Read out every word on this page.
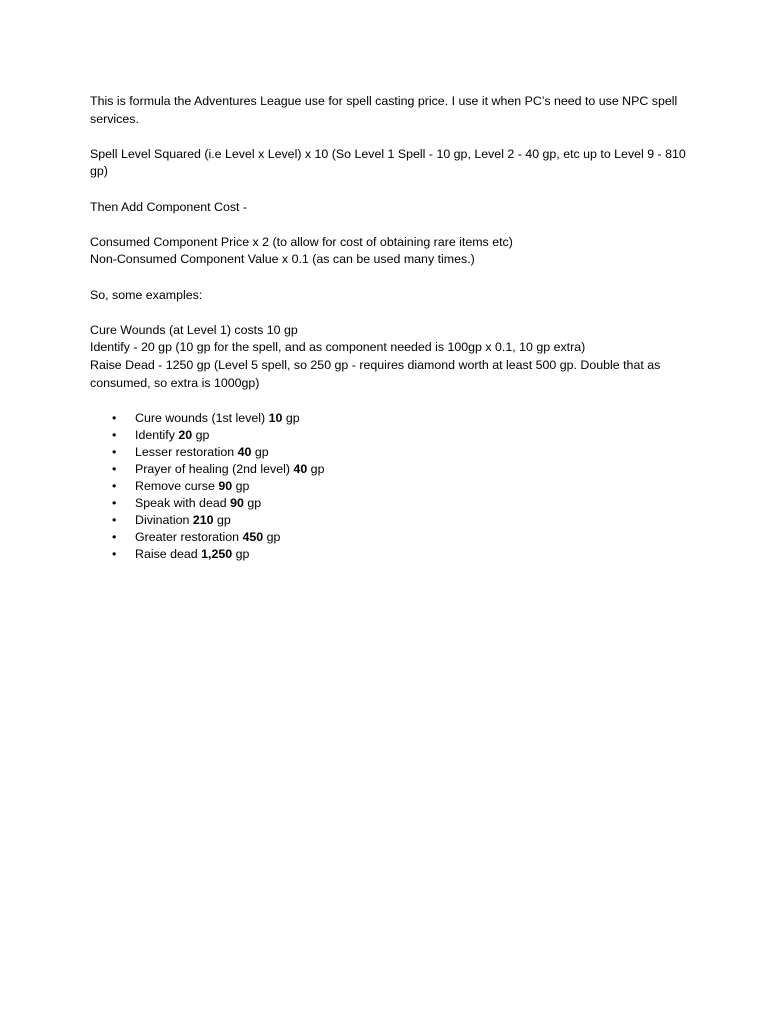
This is formula the Adventures League use for spell casting price. I use it when PC’s need to use NPC spell services.

Spell Level Squared (i.e Level x Level) x 10 (So Level 1 Spell - 10 gp, Level 2 - 40 gp, etc up to Level 9 - 810 gp)

Then Add Component Cost -

Consumed Component Price x 2 (to allow for cost of obtaining rare items etc)

Non-Consumed Component Value x 0.1 (as can be used many times.)

So, some examples:

Cure Wounds (at Level 1) costs 10 gp

Identify - 20 gp (10 gp for the spell, and as component needed is 100gp x 0.1, 10 gp extra)

Raise Dead - 1250 gp (Level 5 spell, so 250 gp - requires diamond worth at least 500 gp. Double that as consumed, so extra is 1000gp)

• Cure wounds (1st level) 10 gp
• Identify 20 gp
• Lesser restoration 40 gp
• Prayer of healing (2nd level) 40 gp
• Remove curse 90 gp
• Speak with dead 90 gp
• Divination 210 gp
• Greater restoration 450 gp
• Raise dead 1,250 gp
